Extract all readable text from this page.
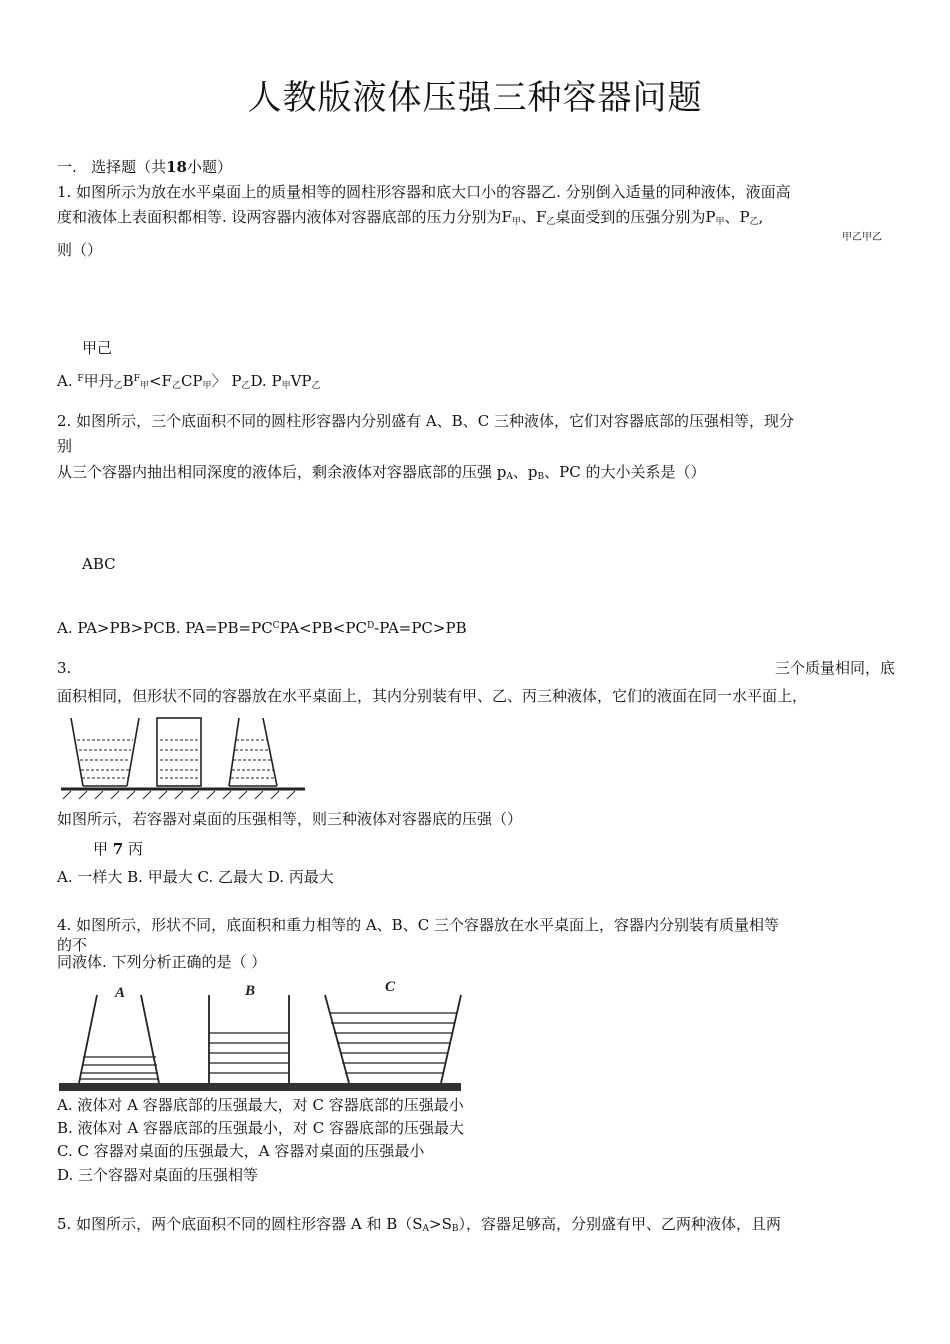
人教版液体压强三种容器问题
一. 选择题（共18小题）
1. 如图所示为放在水平桌面上的质量相等的圆柱形容器和底大口小的容器乙. 分别倒入适量的同种液体，液面高
度和液体上表面积都相等. 设两容器内液体对容器底部的压力分别为$F_甲$、$F_乙$桌面受到的压强分别为$P_甲$、$P_乙$,
甲乙甲乙
则（）
甲己
A. $^F$甲丹$_乙B^F_甲<F_乙CP_甲$〉 $P_乙D$. $P_甲VP_乙$
2. 如图所示，三个底面积不同的圆柱形容器内分别盛有 A、B、C 三种液体，它们对容器底部的压强相等，现分
别
从三个容器内抽出相同深度的液体后，剩余液体对容器底部的压强 $p_A$、$p_B$、PC 的大小关系是（）
ABC
A. PA>PB>PCB. $PA=PB=PC^CPA<PB<PC^D-PA=PC>PB$
3.	三个质量相同，底
面积相同，但形状不同的容器放在水平桌面上，其内分别装有甲、乙、丙三种液体，它们的液面在同一水平面上，
如图所示，若容器对桌面的压强相等，则三种液体对容器底的压强（）
甲 7 丙
A. 一样大 B. 甲最大 C. 乙最大 D. 丙最大
4. 如图所示，形状不同，底面积和重力相等的 A、B、C 三个容器放在水平桌面上，容器内分别装有质量相等
的不
同液体. 下列分析正确的是（ ）
A	B	C
A. 液体对 A 容器底部的压强最大，对 C 容器底部的压强最小
B. 液体对 A 容器底部的压强最小，对 C 容器底部的压强最大
C. C 容器对桌面的压强最大，A 容器对桌面的压强最小
D. 三个容器对桌面的压强相等
5. 如图所示，两个底面积不同的圆柱形容器 A 和 $B(S_A>S_B)$，容器足够高，分别盛有甲、乙两种液体，且两
